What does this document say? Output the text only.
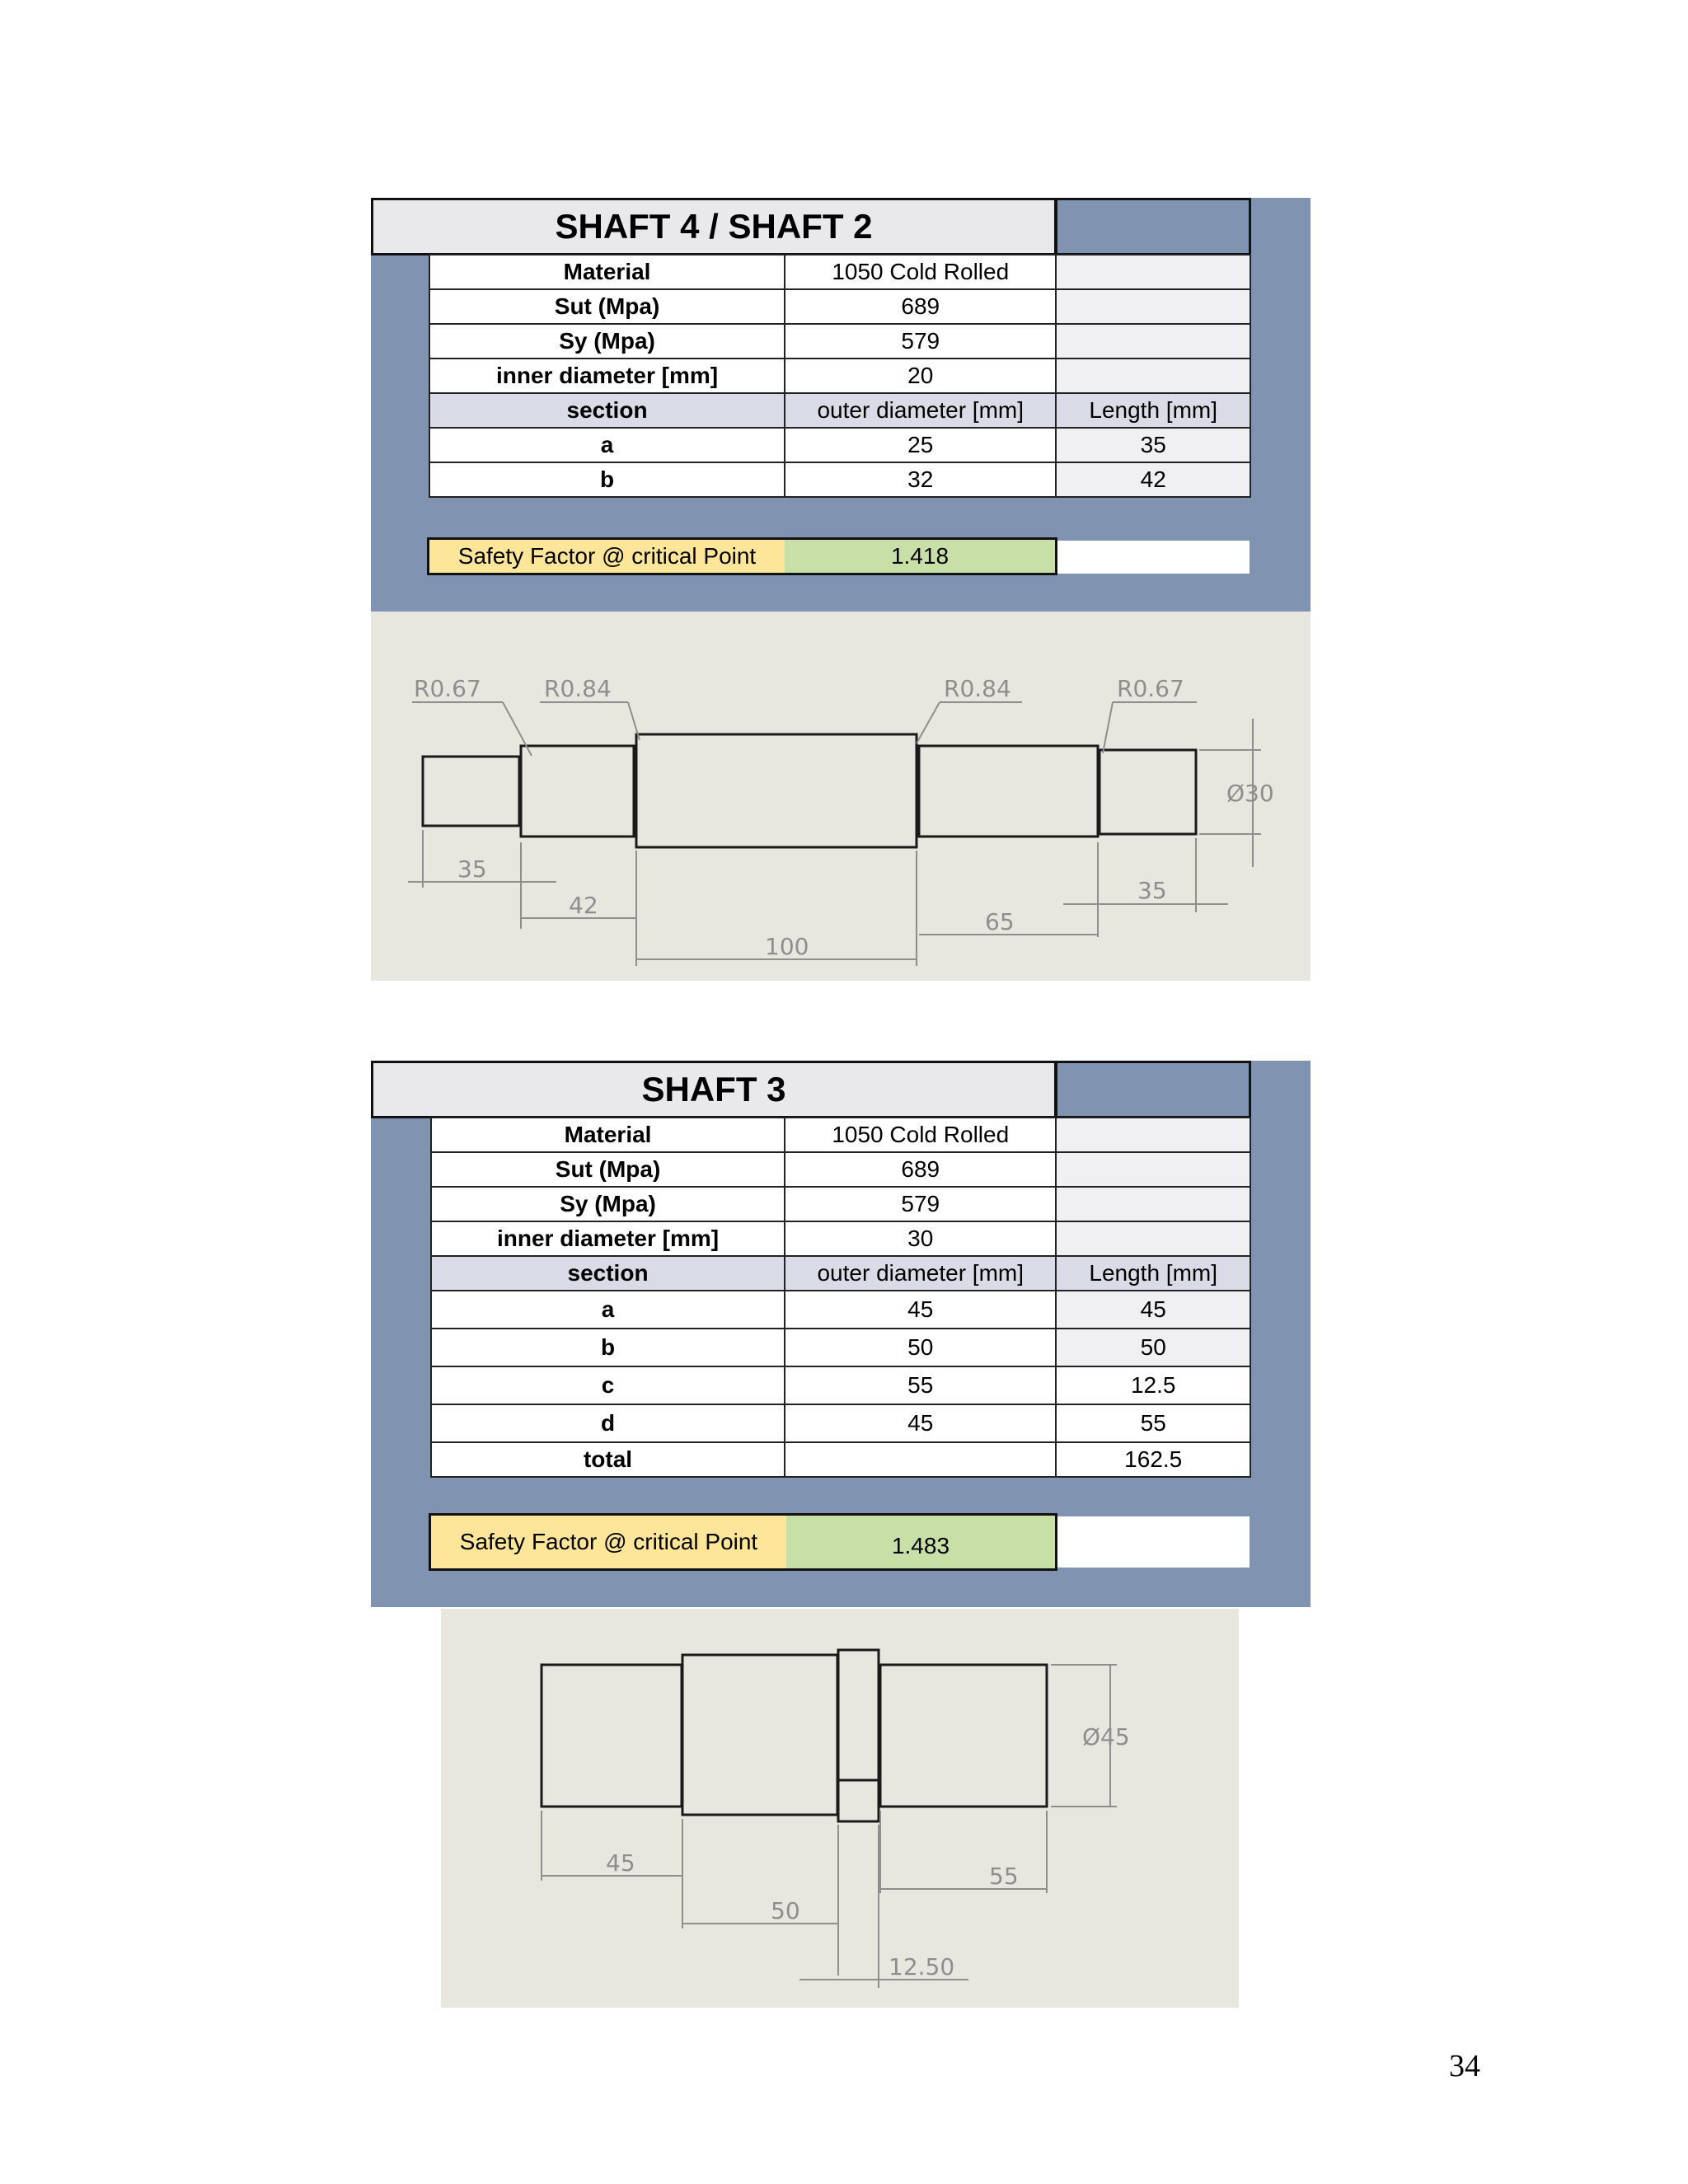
SHAFT 4 / SHAFT 2
Material	1050 Cold Rolled	
Sut (Mpa)	689	
Sy (Mpa)	579	
inner diameter [mm]	20	
section	outer diameter [mm]	Length [mm]
a	25	35
b	32	42
Safety Factor @ critical Point	1.418
R0.67	R0.84	R0.84	R0.67
Ø30
35
42
100
65
35
SHAFT 3
Material	1050 Cold Rolled	
Sut (Mpa)	689	
Sy (Mpa)	579	
inner diameter [mm]	30	
section	outer diameter [mm]	Length [mm]
a	45	45
b	50	50
c	55	12.5
d	45	55
total		162.5
Safety Factor @ critical Point	1.483
Ø45
45
50
12.50
55
34
